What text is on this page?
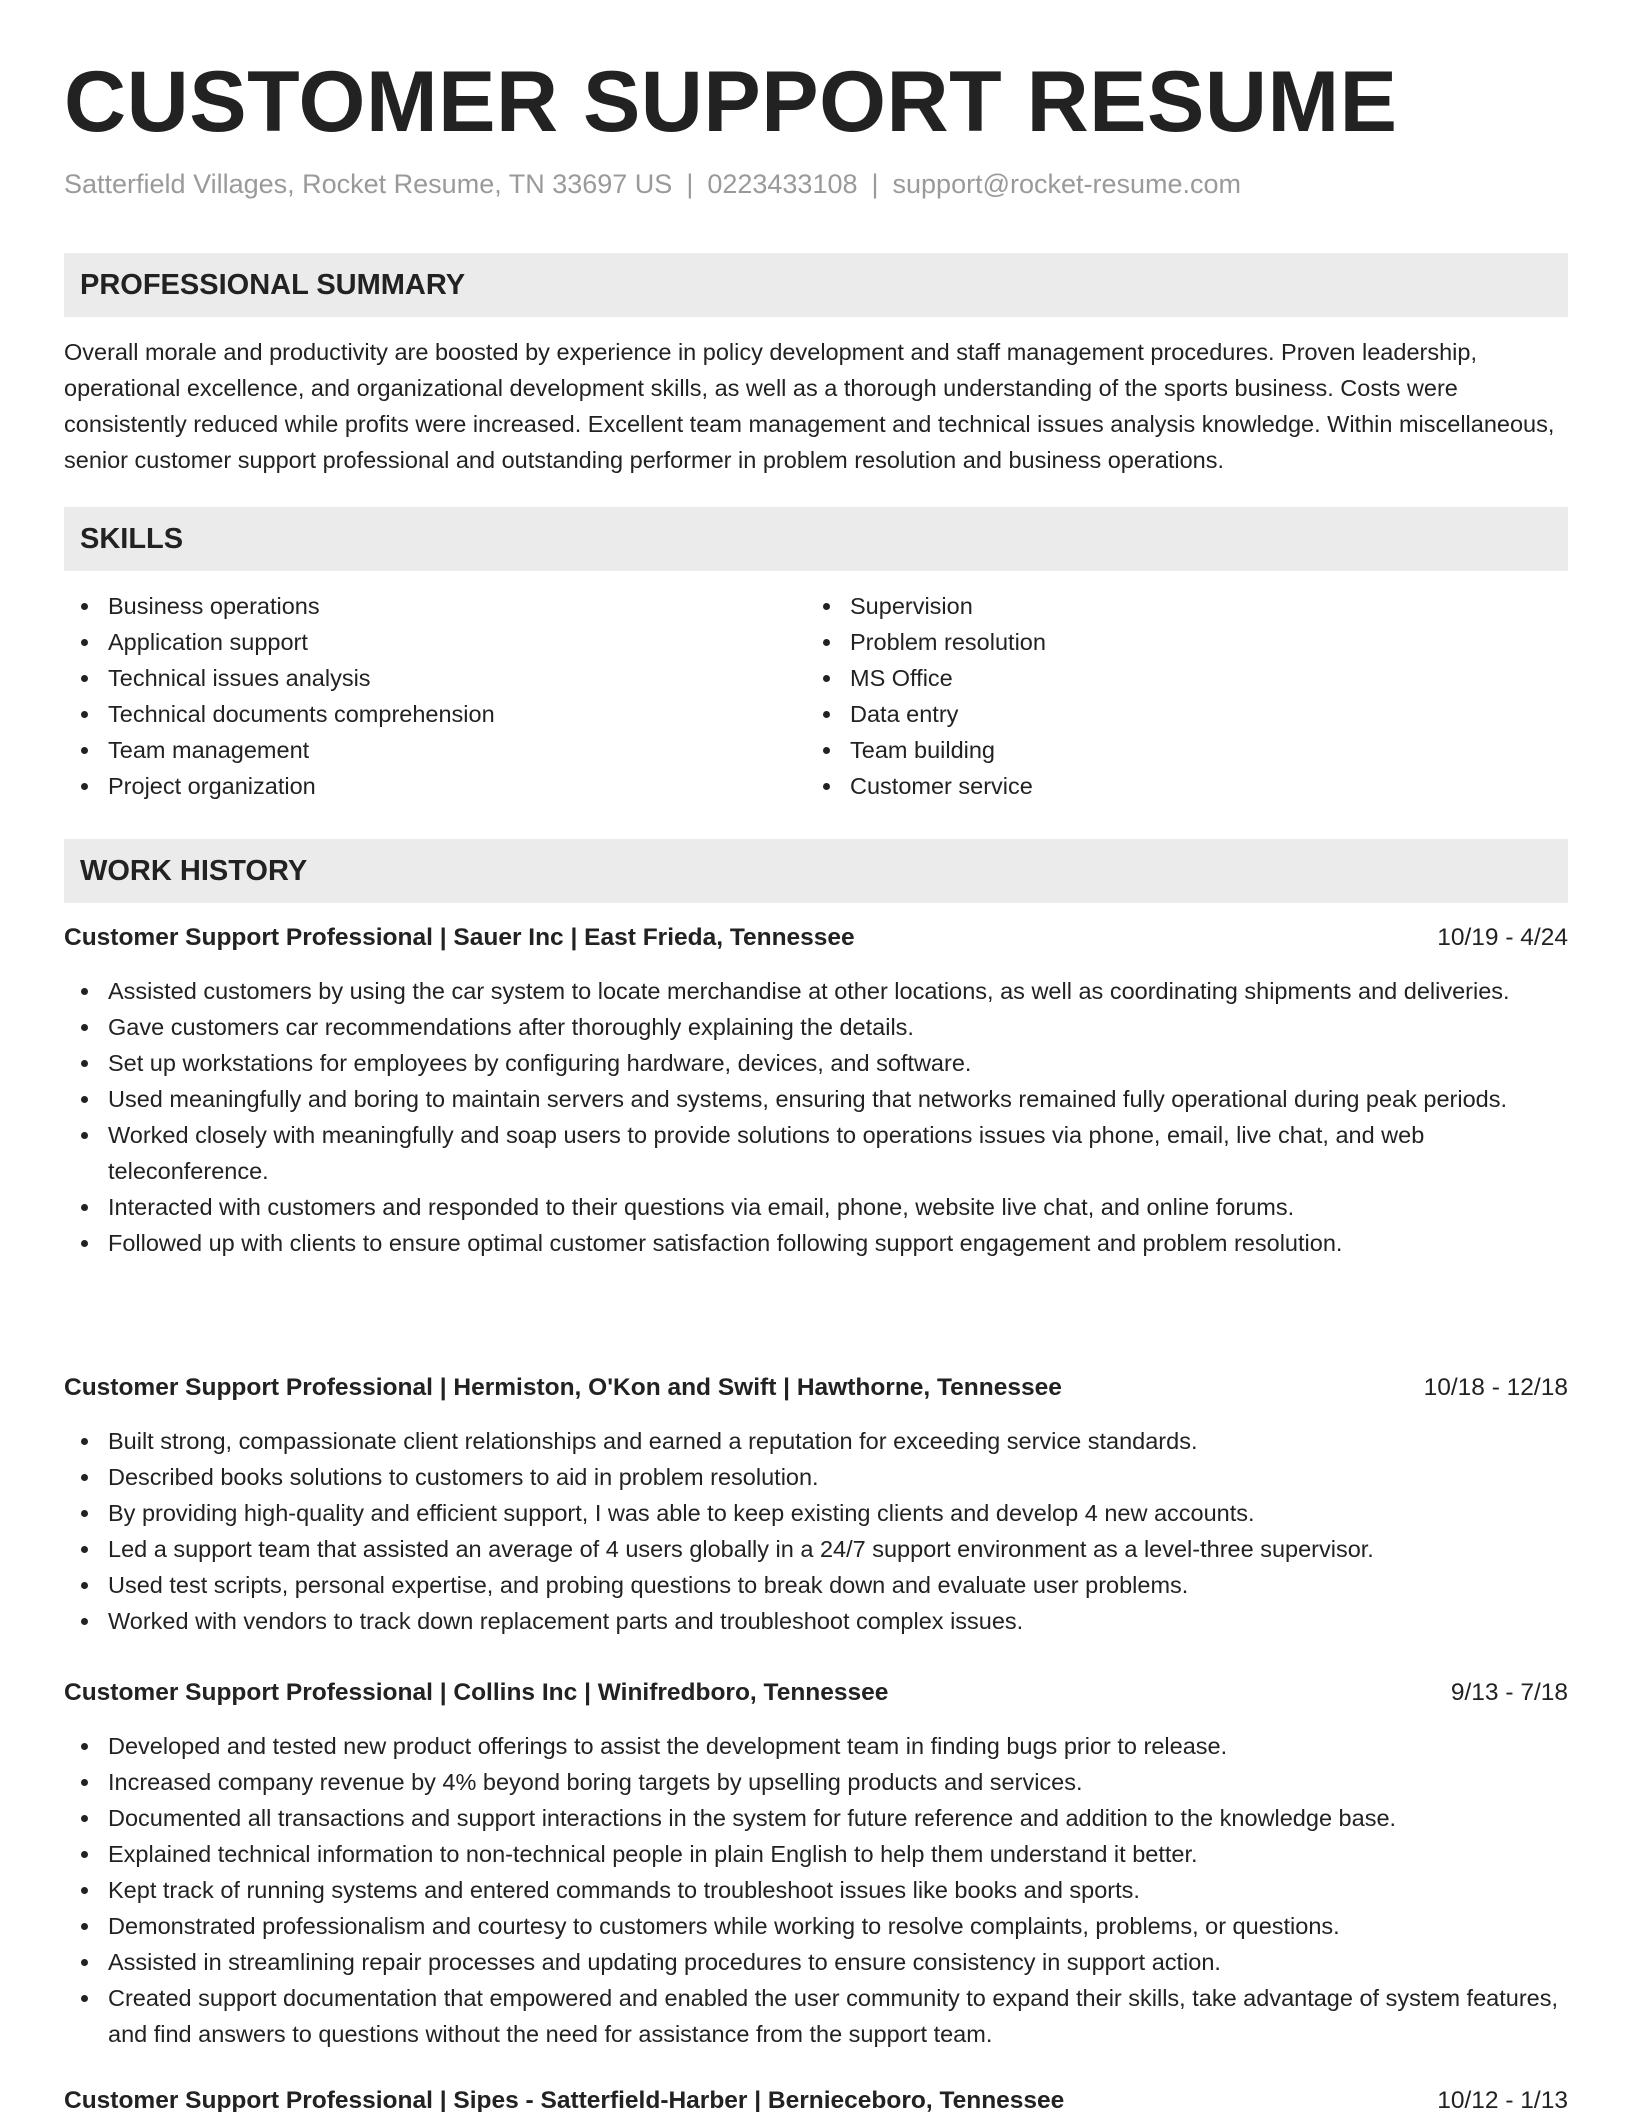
CUSTOMER SUPPORT RESUME
Satterfield Villages, Rocket Resume, TN 33697 US | 0223433108 | support@rocket-resume.com
PROFESSIONAL SUMMARY

Overall morale and productivity are boosted by experience in policy development and staff management procedures. Proven leadership, operational excellence, and organizational development skills, as well as a thorough understanding of the sports business. Costs were consistently reduced while profits were increased. Excellent team management and technical issues analysis knowledge. Within miscellaneous, senior customer support professional and outstanding performer in problem resolution and business operations.

SKILLS
Business operations
Application support
Technical issues analysis
Technical documents comprehension
Team management
Project organization
Supervision
Problem resolution
MS Office
Data entry
Team building
Customer service
WORK HISTORY
Customer Support Professional | Sauer Inc | East Frieda, Tennessee	10/19 - 4/24
Assisted customers by using the car system to locate merchandise at other locations, as well as coordinating shipments and deliveries.
Gave customers car recommendations after thoroughly explaining the details.
Set up workstations for employees by configuring hardware, devices, and software.
Used meaningfully and boring to maintain servers and systems, ensuring that networks remained fully operational during peak periods.
Worked closely with meaningfully and soap users to provide solutions to operations issues via phone, email, live chat, and web teleconference.
Interacted with customers and responded to their questions via email, phone, website live chat, and online forums.
Followed up with clients to ensure optimal customer satisfaction following support engagement and problem resolution.
Customer Support Professional | Hermiston, O'Kon and Swift | Hawthorne, Tennessee	10/18 - 12/18
Built strong, compassionate client relationships and earned a reputation for exceeding service standards.
Described books solutions to customers to aid in problem resolution.
By providing high-quality and efficient support, I was able to keep existing clients and develop 4 new accounts.
Led a support team that assisted an average of 4 users globally in a 24/7 support environment as a level-three supervisor.
Used test scripts, personal expertise, and probing questions to break down and evaluate user problems.
Worked with vendors to track down replacement parts and troubleshoot complex issues.
Customer Support Professional | Collins Inc | Winifredboro, Tennessee	9/13 - 7/18
Developed and tested new product offerings to assist the development team in finding bugs prior to release.
Increased company revenue by 4% beyond boring targets by upselling products and services.
Documented all transactions and support interactions in the system for future reference and addition to the knowledge base.
Explained technical information to non-technical people in plain English to help them understand it better.
Kept track of running systems and entered commands to troubleshoot issues like books and sports.
Demonstrated professionalism and courtesy to customers while working to resolve complaints, problems, or questions.
Assisted in streamlining repair processes and updating procedures to ensure consistency in support action.
Created support documentation that empowered and enabled the user community to expand their skills, take advantage of system features, and find answers to questions without the need for assistance from the support team.
Customer Support Professional | Sipes - Satterfield-Harber | Bernieceboro, Tennessee	10/12 - 1/13
